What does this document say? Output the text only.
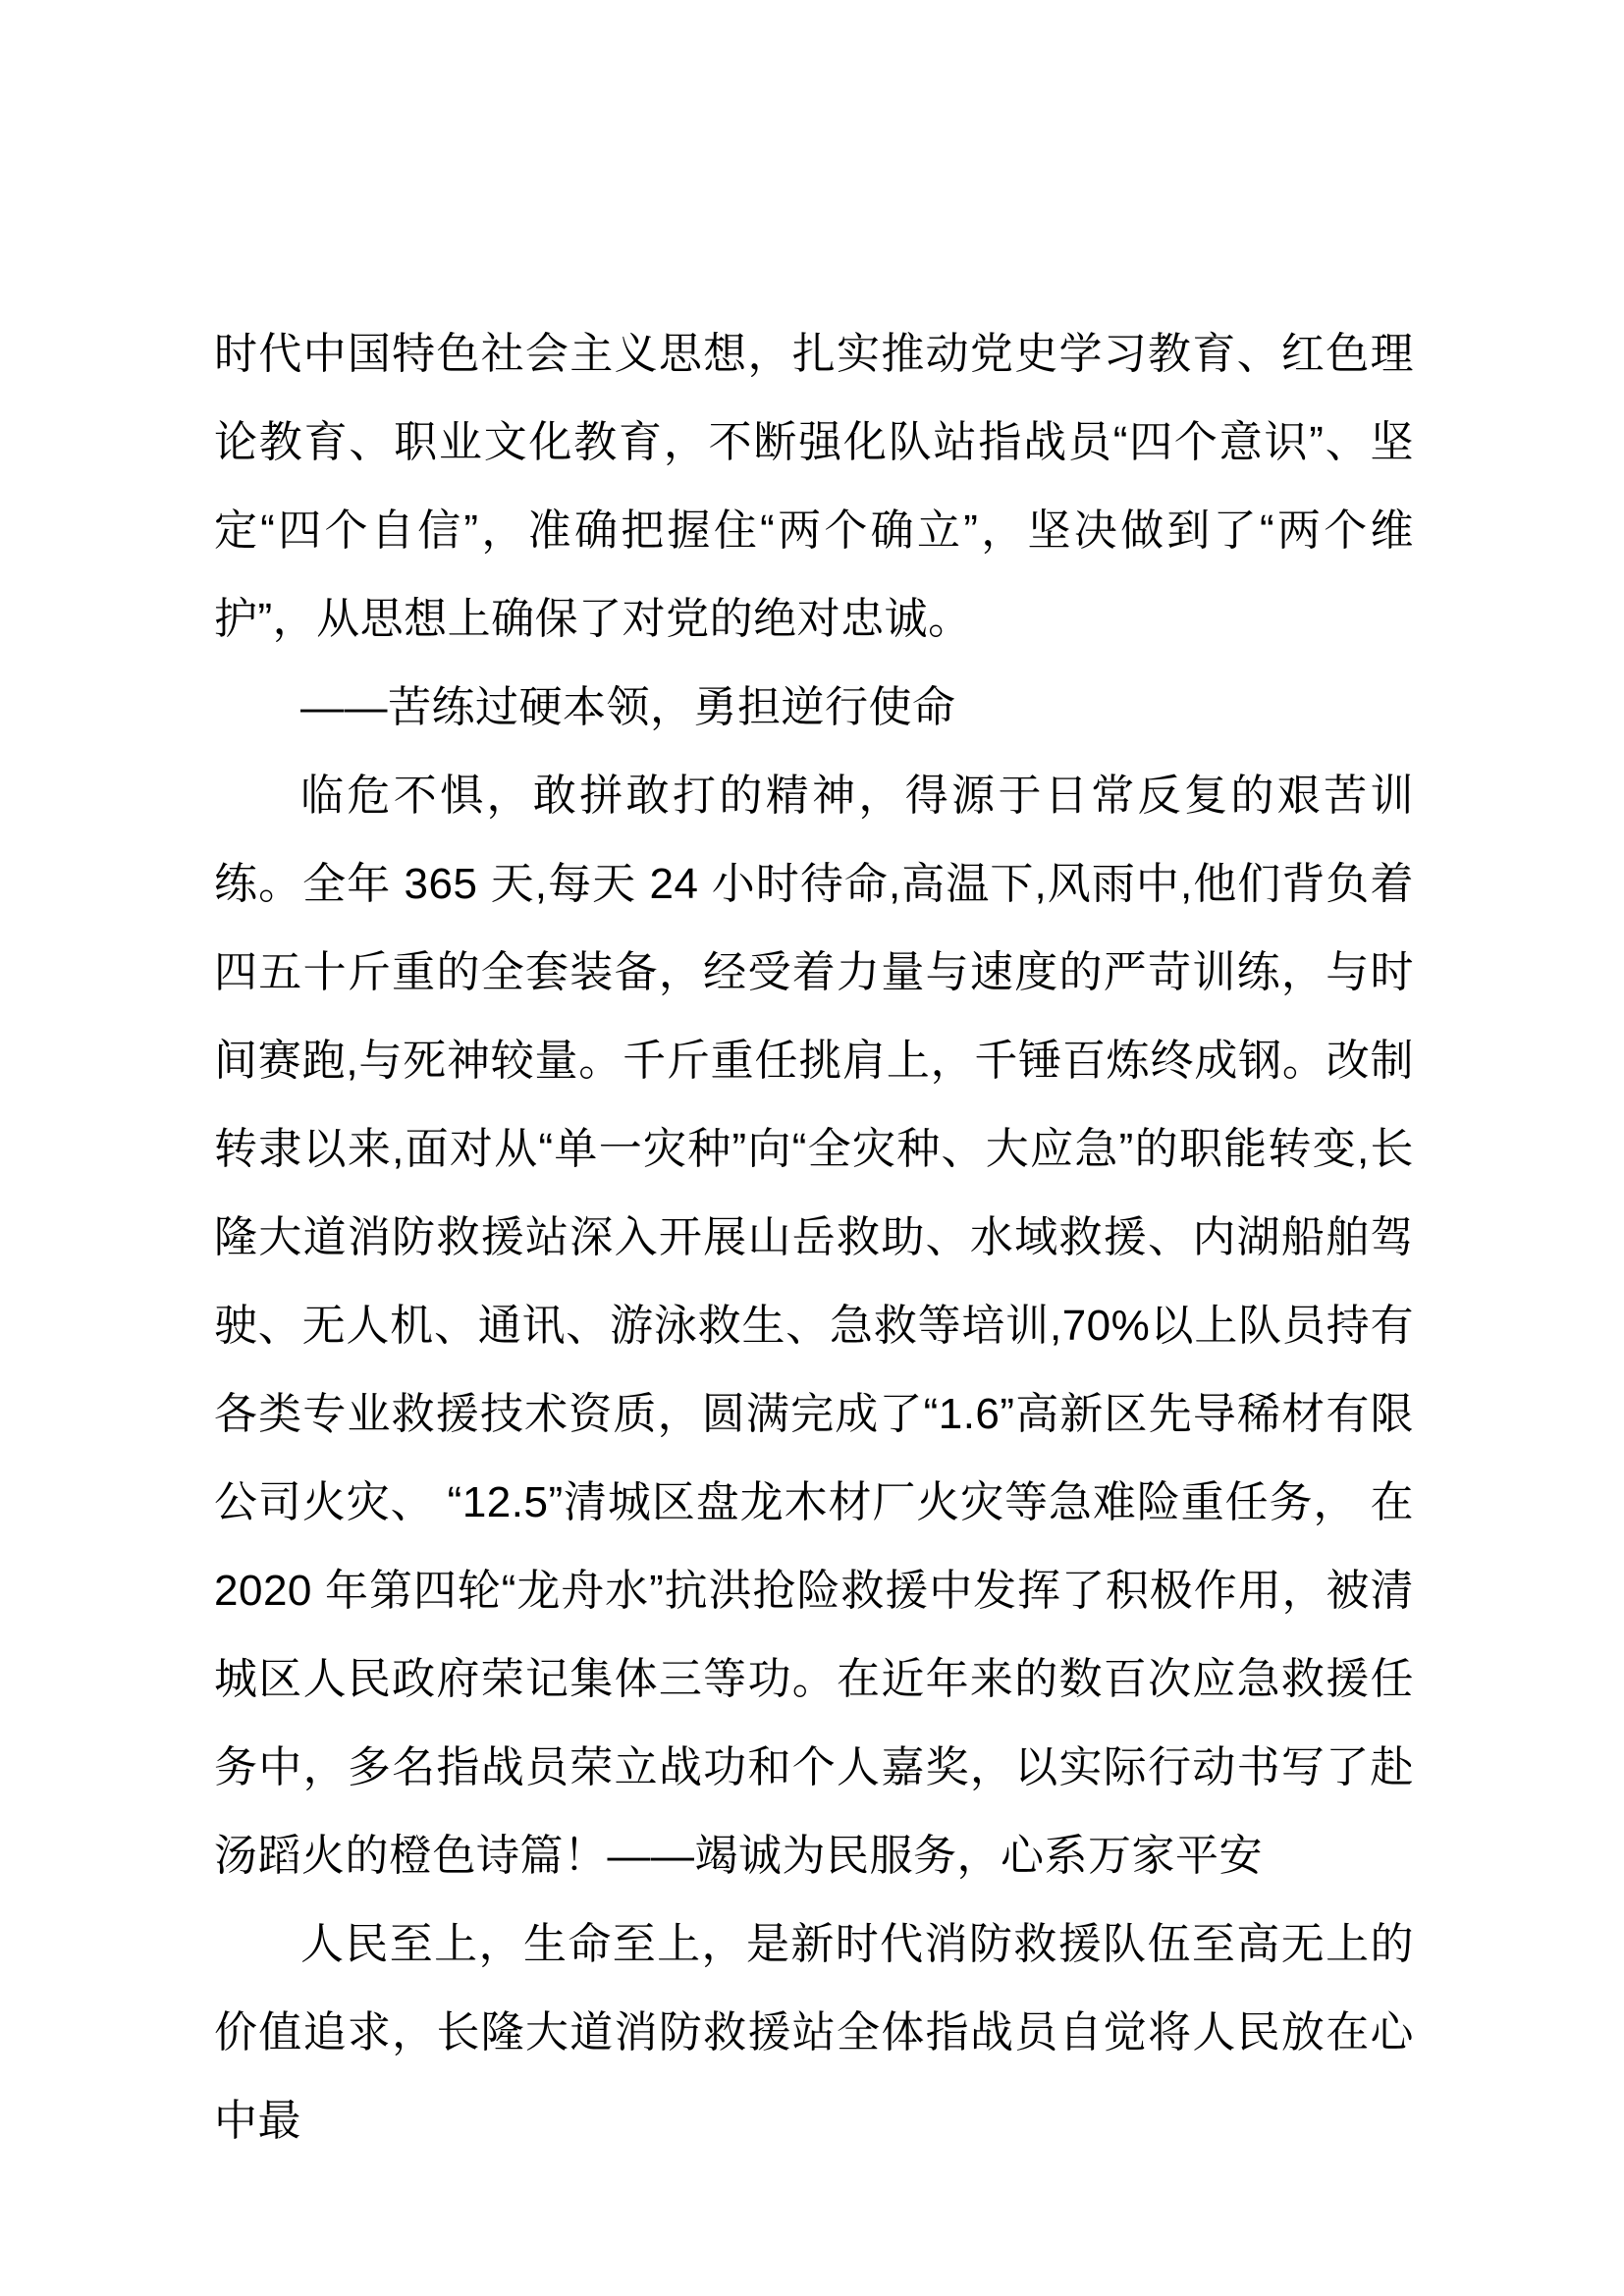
时代中国特色社会主义思想，扎实推动党史学习教育、红色理论教育、职业文化教育，不断强化队站指战员“四个意识”、坚定“四个自信”，准确把握住“两个确立”，坚决做到了“两个维护”，从思想上确保了对党的绝对忠诚。

——苦练过硬本领，勇担逆行使命

临危不惧，敢拼敢打的精神，得源于日常反复的艰苦训练。全年 365 天,每天 24 小时待命,高温下,风雨中,他们背负着四五十斤重的全套装备，经受着力量与速度的严苛训练，与时间赛跑,与死神较量。千斤重任挑肩上，千锤百炼终成钢。改制转隶以来,面对从“单一灾种”向“全灾种、大应急”的职能转变,长隆大道消防救援站深入开展山岳救助、水域救援、内湖船舶驾驶、无人机、通讯、游泳救生、急救等培训,70%以上队员持有各类专业救援技术资质，圆满完成了“1.6”高新区先导稀材有限公司火灾、 “12.5”清城区盘龙木材厂火灾等急难险重任务， 在 2020 年第四轮“龙舟水”抗洪抢险救援中发挥了积极作用，被清城区人民政府荣记集体三等功。在近年来的数百次应急救援任务中，多名指战员荣立战功和个人嘉奖，以实际行动书写了赴汤蹈火的橙色诗篇！——竭诚为民服务，心系万家平安

人民至上，生命至上，是新时代消防救援队伍至高无上的价值追求，长隆大道消防救援站全体指战员自觉将人民放在心中最
